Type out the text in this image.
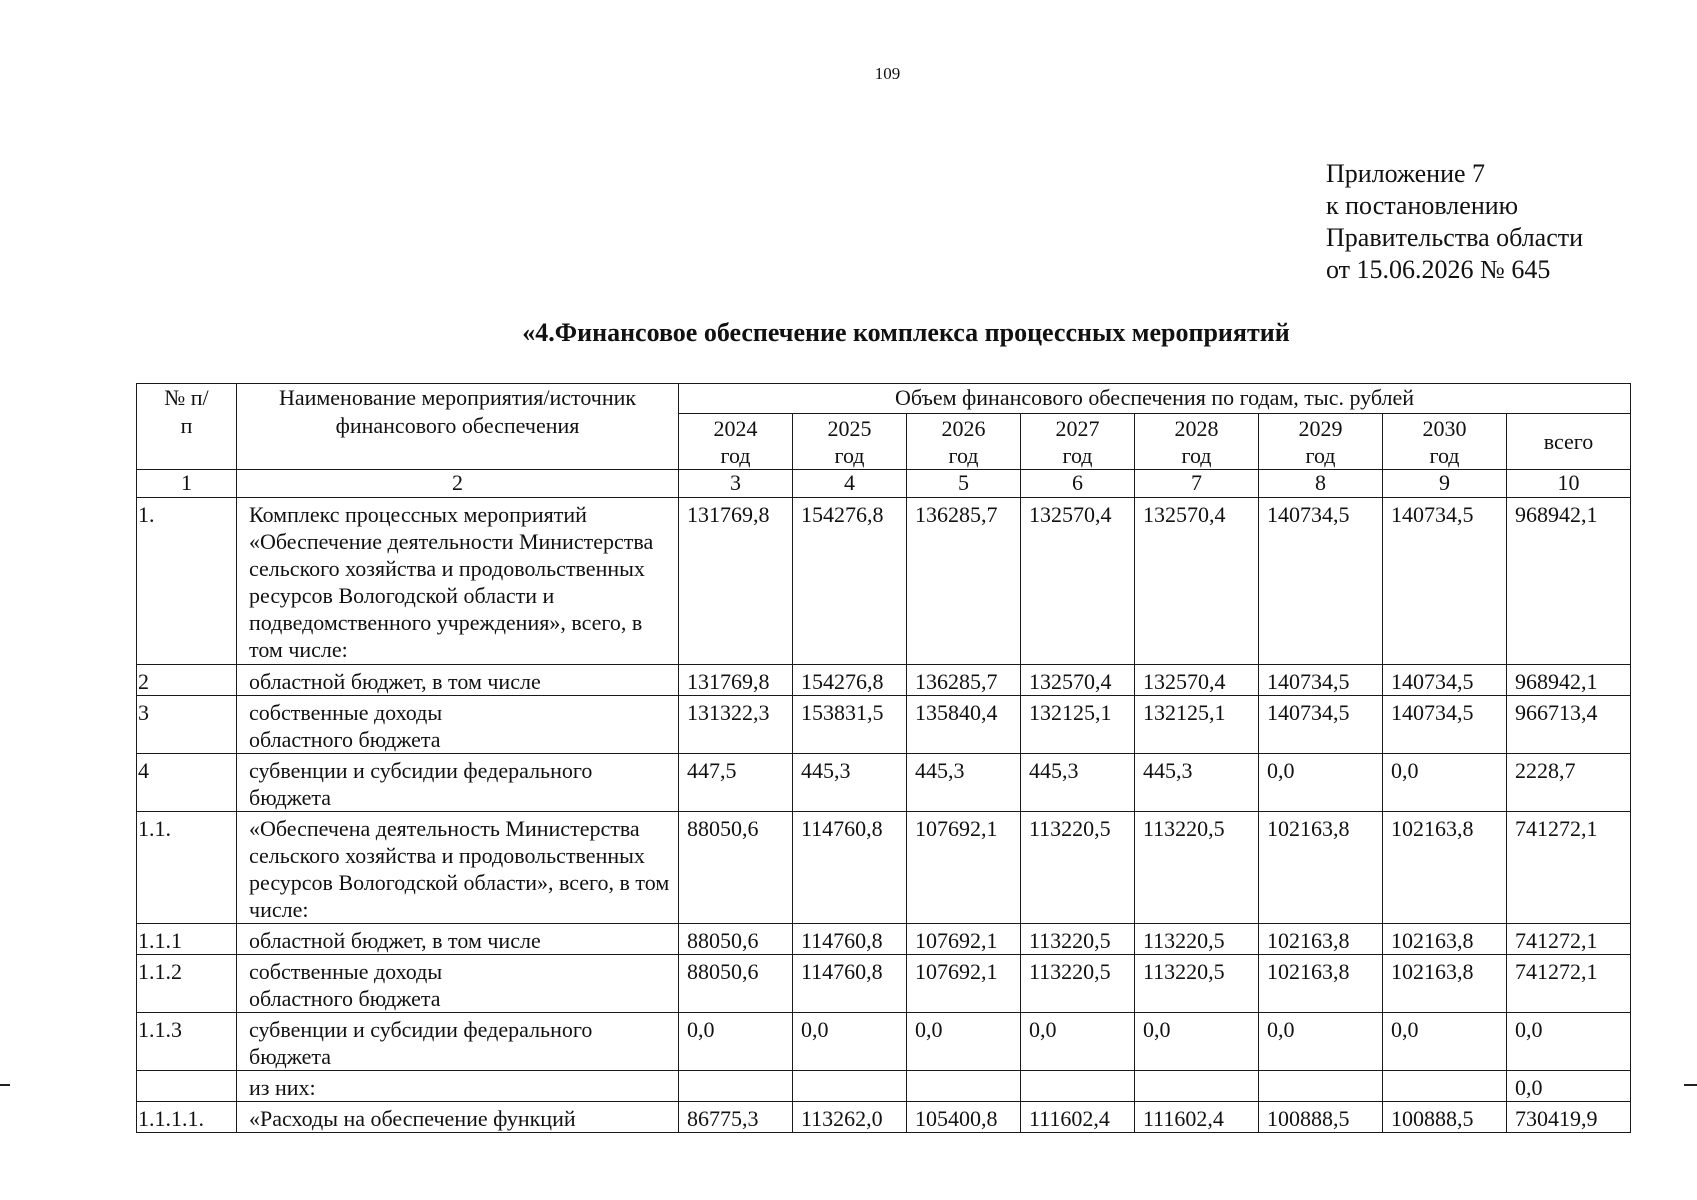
109
Приложение 7
к постановлению
Правительства области
от 15.06.2026 № 645
«4.Финансовое обеспечение комплекса процессных мероприятий
№ п/п	Наименование мероприятия/источник финансового обеспечения	Объем финансового обеспечения по годам, тыс. рублей							
		2024 год	2025 год	2026 год	2027 год	2028 год	2029 год	2030 год	всего
1	2	3	4	5	6	7	8	9	10
1.	Комплекс процессных мероприятий «Обеспечение деятельности Министерства сельского хозяйства и продовольственных ресурсов Вологодской области и подведомственного учреждения», всего, в том числе:	131769,8	154276,8	136285,7	132570,4	132570,4	140734,5	140734,5	968942,1
2	областной бюджет, в том числе	131769,8	154276,8	136285,7	132570,4	132570,4	140734,5	140734,5	968942,1
3	собственные доходы областного бюджета	131322,3	153831,5	135840,4	132125,1	132125,1	140734,5	140734,5	966713,4
4	субвенции и субсидии федерального бюджета	447,5	445,3	445,3	445,3	445,3	0,0	0,0	2228,7
1.1.	«Обеспечена деятельность Министерства сельского хозяйства и продовольственных ресурсов Вологодской области», всего, в том числе:	88050,6	114760,8	107692,1	113220,5	113220,5	102163,8	102163,8	741272,1
1.1.1	областной бюджет, в том числе	88050,6	114760,8	107692,1	113220,5	113220,5	102163,8	102163,8	741272,1
1.1.2	собственные доходы областного бюджета	88050,6	114760,8	107692,1	113220,5	113220,5	102163,8	102163,8	741272,1
1.1.3	субвенции и субсидии федерального бюджета	0,0	0,0	0,0	0,0	0,0	0,0	0,0	0,0
	из них:								0,0
1.1.1.1.	«Расходы на обеспечение функций	86775,3	113262,0	105400,8	111602,4	111602,4	100888,5	100888,5	730419,9
